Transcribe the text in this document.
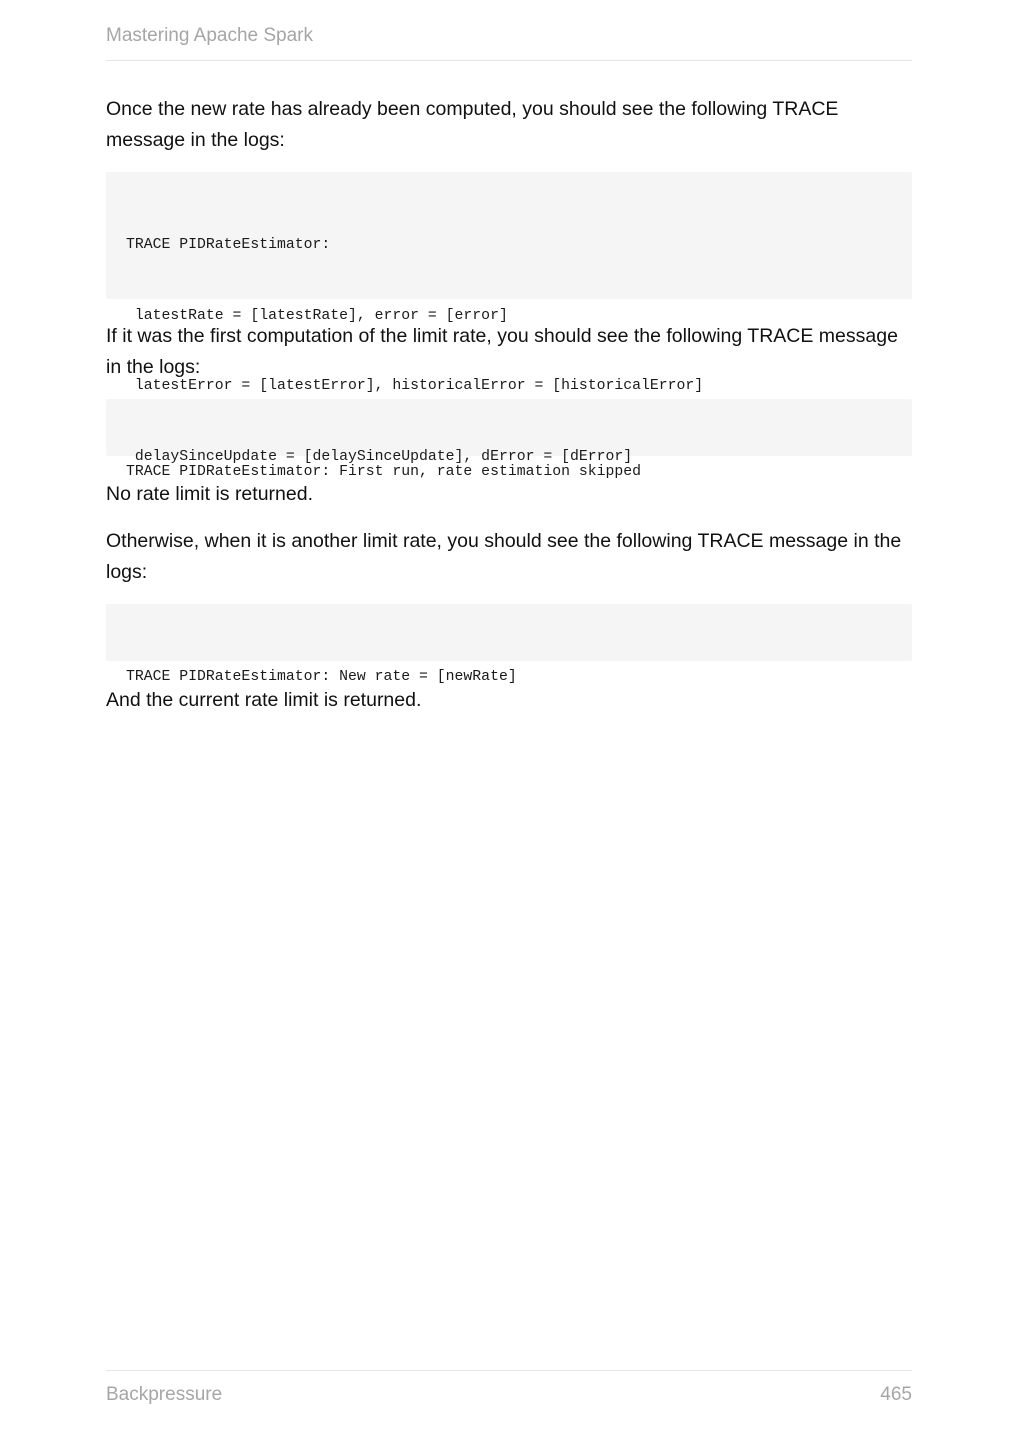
Mastering Apache Spark

Once the new rate has already been computed, you should see the following TRACE message in the logs:

TRACE PIDRateEstimator:

latestRate = [latestRate], error = [error]

latestError = [latestError], historicalError = [historicalError]

delaySinceUpdate = [delaySinceUpdate], dError = [dError]

If it was the first computation of the limit rate, you should see the following TRACE message in the logs:

TRACE PIDRateEstimator: First run, rate estimation skipped

No rate limit is returned.

Otherwise, when it is another limit rate, you should see the following TRACE message in the logs:

TRACE PIDRateEstimator: New rate = [newRate]

And the current rate limit is returned.

Backpressure	465
